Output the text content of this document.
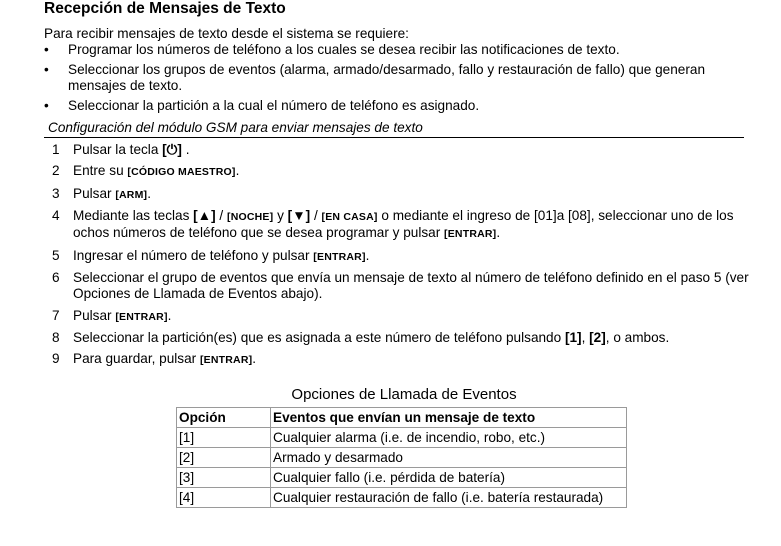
Recepción de Mensajes de Texto
Para recibir mensajes de texto desde el sistema se requiere:
•	Programar los números de teléfono a los cuales se desea recibir las notificaciones de texto.
•	Seleccionar los grupos de eventos (alarma, armado/desarmado, fallo y restauración de fallo) que generan mensajes de texto.
•	Seleccionar la partición a la cual el número de teléfono es asignado.
Configuración del módulo GSM para enviar mensajes de texto
1 Pulsar la tecla [⏻] .
2 Entre su [CÓDIGO MAESTRO].
3 Pulsar [ARM].
4 Mediante las teclas [▲] / [NOCHE] y [▼] / [EN CASA] o mediante el ingreso de [01]a [08], seleccionar uno de los ochos números de teléfono que se desea programar y pulsar [ENTRAR].
5 Ingresar el número de teléfono y pulsar [ENTRAR].
6 Seleccionar el grupo de eventos que envía un mensaje de texto al número de teléfono definido en el paso 5 (ver Opciones de Llamada de Eventos abajo).
7 Pulsar [ENTRAR].
8 Seleccionar la partición(es) que es asignada a este número de teléfono pulsando [1], [2], o ambos.
9 Para guardar, pulsar [ENTRAR].
Opciones de Llamada de Eventos
Opción	Eventos que envían un mensaje de texto
[1]	Cualquier alarma (i.e. de incendio, robo, etc.)
[2]	Armado y desarmado
[3]	Cualquier fallo (i.e. pérdida de batería)
[4]	Cualquier restauración de fallo (i.e. batería restaurada)
